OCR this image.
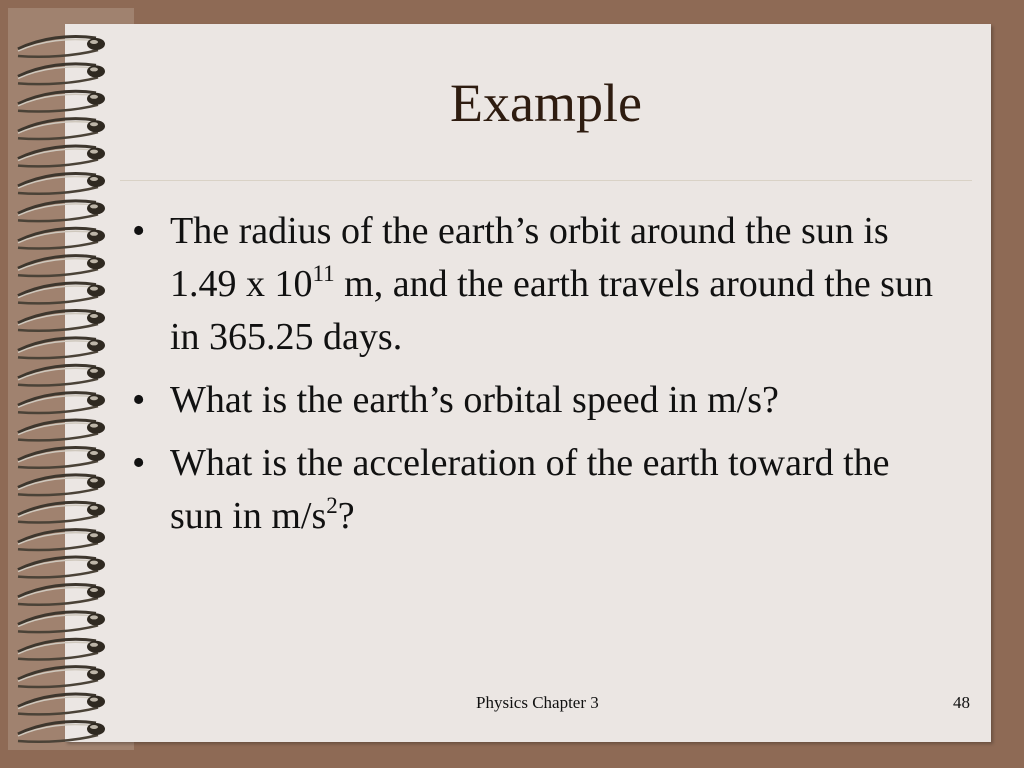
Example
• The radius of the earth’s orbit around the sun is 1.49 x $10^{11}$ m, and the earth travels around the sun in 365.25 days.
• What is the earth’s orbital speed in m/s?
• What is the acceleration of the earth toward the sun in $m/s^2$?
Physics Chapter 3	48
